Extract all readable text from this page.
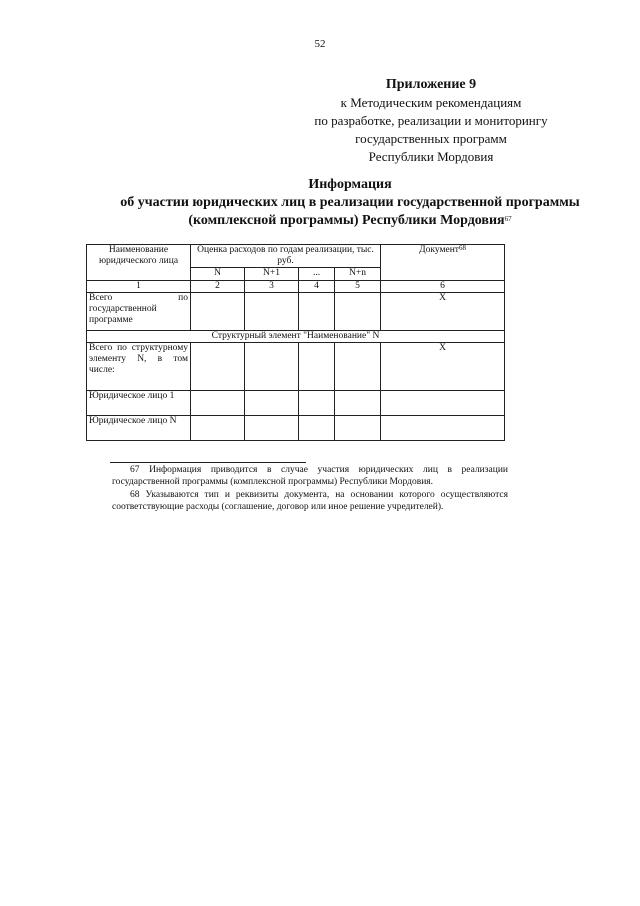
52
Приложение 9
к Методическим рекомендациям
по разработке, реализации и мониторингу
государственных программ
Республики Мордовия
Информация
об участии юридических лиц в реализации государственной программы
(комплексной программы) Республики Мордовия$^{67}$
Наименование юридического лица	Оценка расходов по годам реализации, тыс. руб.				Документ$^{68}$
	N	N+1	...	N+n	
1	2	3	4	5	6
Всего по государственной программе					X
Структурный элемент "Наименование" N					
Всего по структурному элементу N, в том числе:					X
Юридическое лицо 1					
Юридическое лицо N					

67 Информация приводится в случае участия юридических лиц в реализации государственной программы (комплексной программы) Республики Мордовия.

68 Указываются тип и реквизиты документа, на основании которого осуществляются соответствующие расходы (соглашение, договор или иное решение учредителей).
